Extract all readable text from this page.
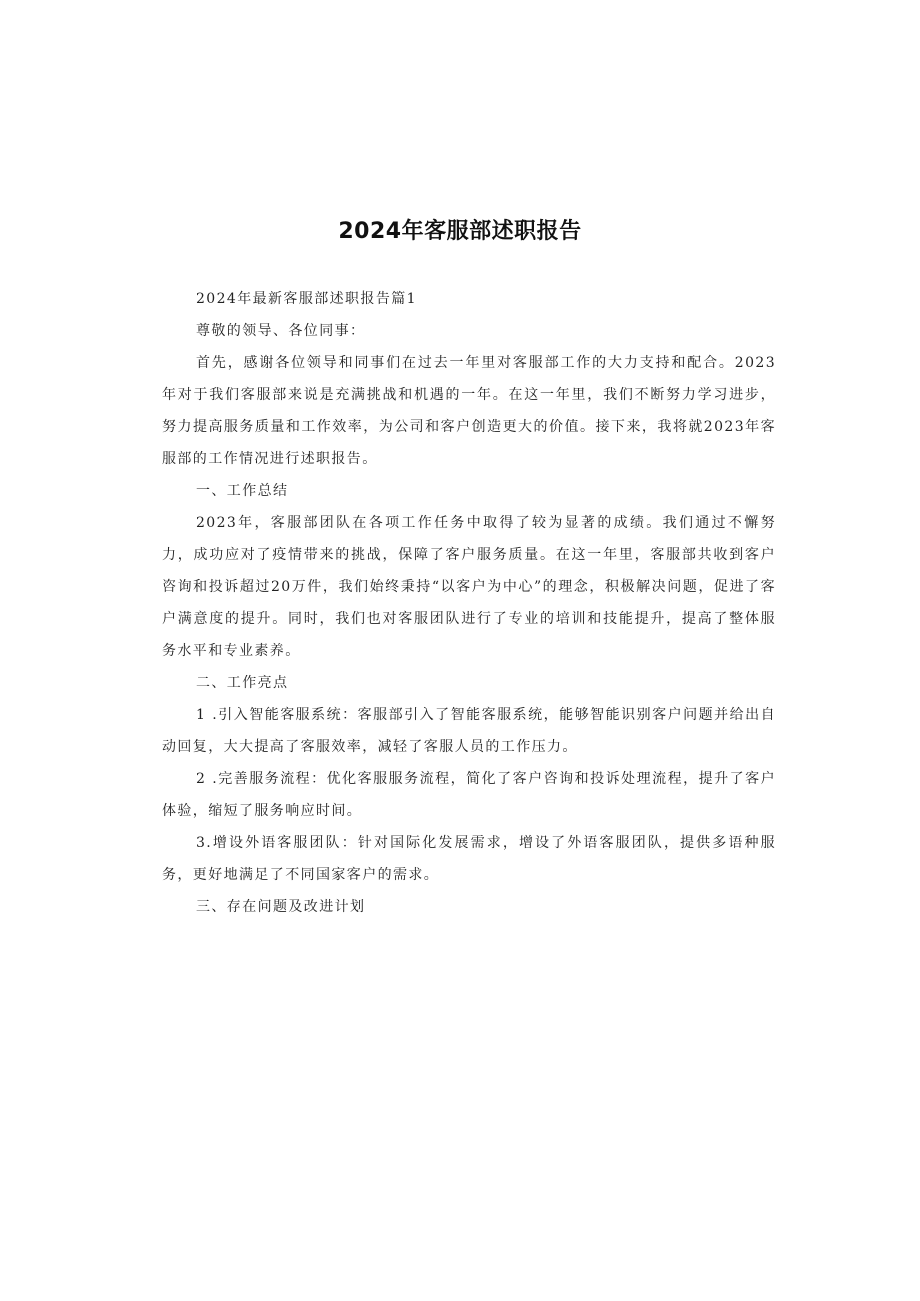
2024年客服部述职报告

2024年最新客服部述职报告篇1

尊敬的领导、各位同事：

首先，感谢各位领导和同事们在过去一年里对客服部工作的大力支持和配合。2023年对于我们客服部来说是充满挑战和机遇的一年。在这一年里，我们不断努力学习进步，努力提高服务质量和工作效率，为公司和客户创造更大的价值。接下来，我将就2023年客服部的工作情况进行述职报告。

一、工作总结

2023年，客服部团队在各项工作任务中取得了较为显著的成绩。我们通过不懈努力，成功应对了疫情带来的挑战，保障了客户服务质量。在这一年里，客服部共收到客户咨询和投诉超过20万件，我们始终秉持“以客户为中心”的理念，积极解决问题，促进了客户满意度的提升。同时，我们也对客服团队进行了专业的培训和技能提升，提高了整体服务水平和专业素养。

二、工作亮点

1 .引入智能客服系统：客服部引入了智能客服系统，能够智能识别客户问题并给出自动回复，大大提高了客服效率，减轻了客服人员的工作压力。

2 .完善服务流程：优化客服服务流程，简化了客户咨询和投诉处理流程，提升了客户体验，缩短了服务响应时间。

3.增设外语客服团队：针对国际化发展需求，增设了外语客服团队，提供多语种服务，更好地满足了不同国家客户的需求。

三、存在问题及改进计划
